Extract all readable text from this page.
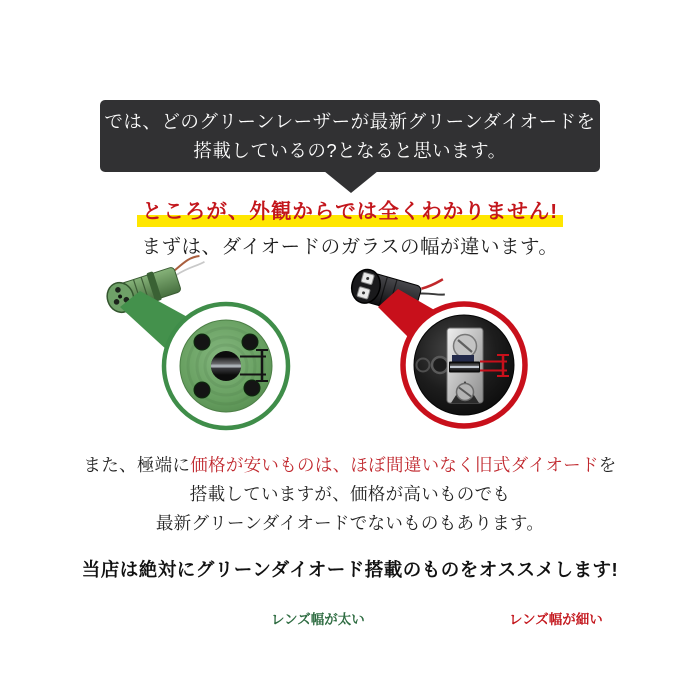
では、どのグリーンレーザーが最新グリーンダイオードを
搭載しているの?となると思います。
ところが、外観からでは全くわかりません!
まずは、ダイオードのガラスの幅が違います。
レンズ幅が太い	レンズ幅が細い
また、極端に価格が安いものは、ほぼ間違いなく旧式ダイオードを
搭載していますが、価格が高いものでも
最新グリーンダイオードでないものもあります。
当店は絶対にグリーンダイオード搭載のものをオススメします!
